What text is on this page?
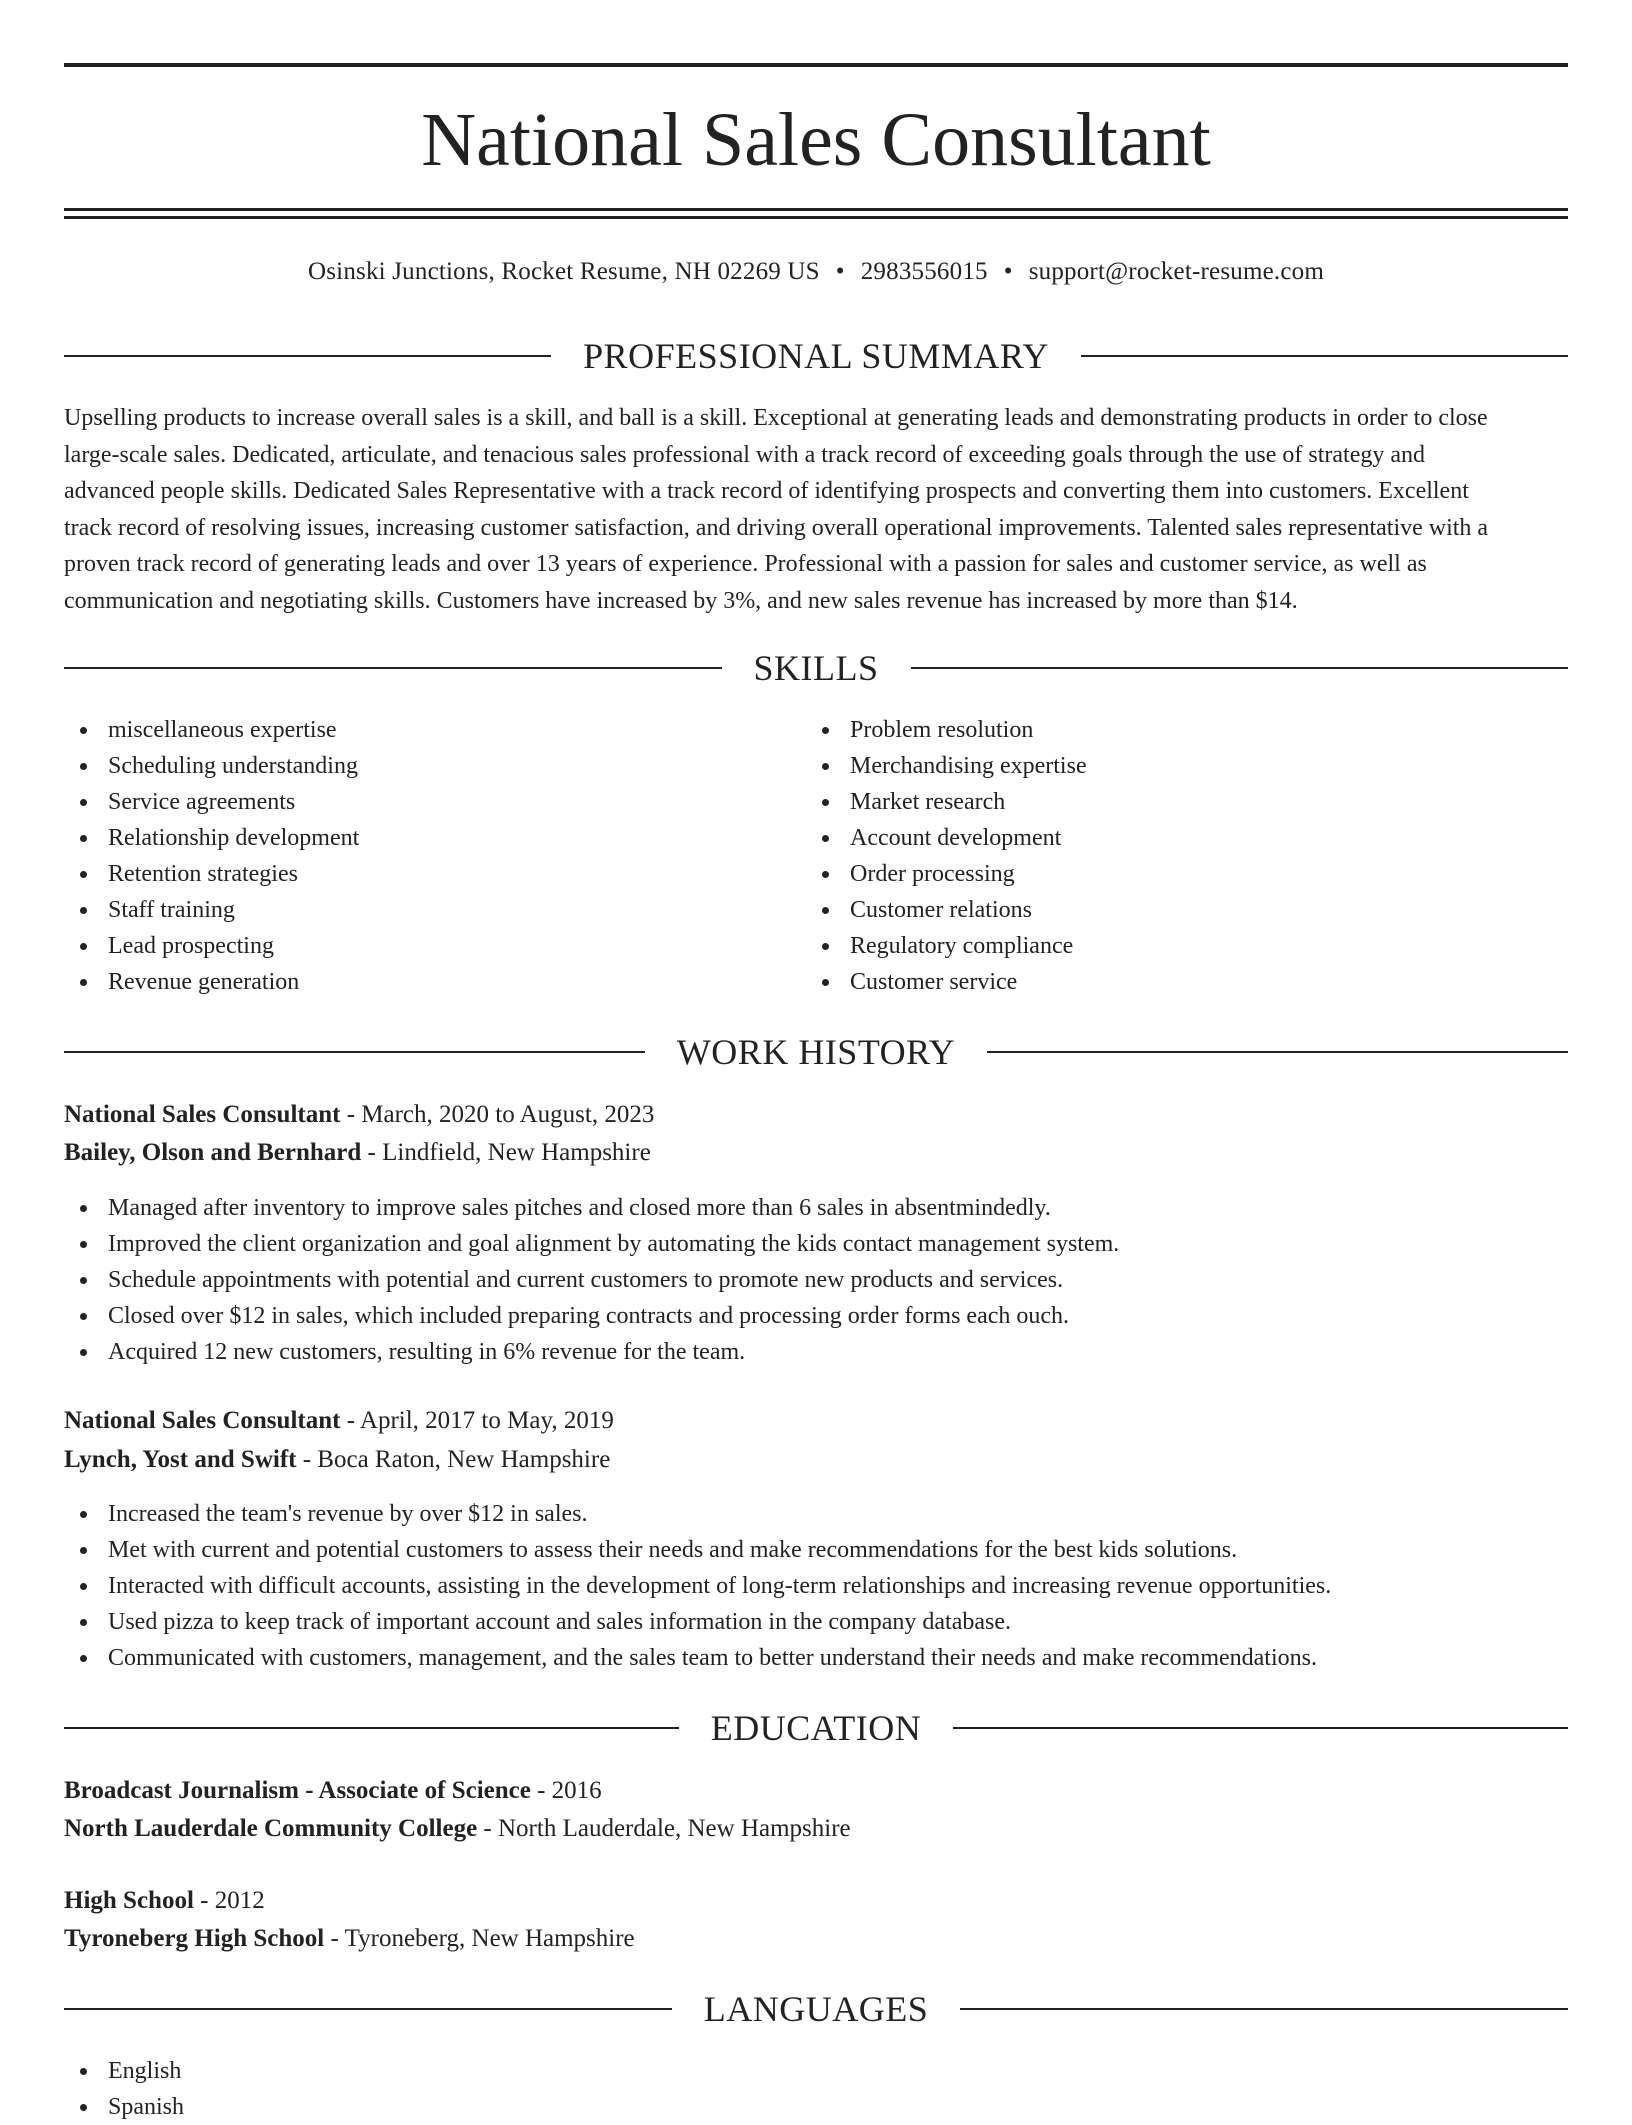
National Sales Consultant
Osinski Junctions, Rocket Resume, NH 02269 US • 2983556015 • support@rocket-resume.com
PROFESSIONAL SUMMARY
Upselling products to increase overall sales is a skill, and ball is a skill. Exceptional at generating leads and demonstrating products in order to close
large-scale sales. Dedicated, articulate, and tenacious sales professional with a track record of exceeding goals through the use of strategy and
advanced people skills. Dedicated Sales Representative with a track record of identifying prospects and converting them into customers. Excellent
track record of resolving issues, increasing customer satisfaction, and driving overall operational improvements. Talented sales representative with a
proven track record of generating leads and over 13 years of experience. Professional with a passion for sales and customer service, as well as
communication and negotiating skills. Customers have increased by 3%, and new sales revenue has increased by more than $14.
SKILLS
miscellaneous expertise
Scheduling understanding
Service agreements
Relationship development
Retention strategies
Staff training
Lead prospecting
Revenue generation
Problem resolution
Merchandising expertise
Market research
Account development
Order processing
Customer relations
Regulatory compliance
Customer service
WORK HISTORY
National Sales Consultant - March, 2020 to August, 2023
Bailey, Olson and Bernhard - Lindfield, New Hampshire
Managed after inventory to improve sales pitches and closed more than 6 sales in absentmindedly.
Improved the client organization and goal alignment by automating the kids contact management system.
Schedule appointments with potential and current customers to promote new products and services.
Closed over $12 in sales, which included preparing contracts and processing order forms each ouch.
Acquired 12 new customers, resulting in 6% revenue for the team.
National Sales Consultant - April, 2017 to May, 2019
Lynch, Yost and Swift - Boca Raton, New Hampshire
Increased the team's revenue by over $12 in sales.
Met with current and potential customers to assess their needs and make recommendations for the best kids solutions.
Interacted with difficult accounts, assisting in the development of long-term relationships and increasing revenue opportunities.
Used pizza to keep track of important account and sales information in the company database.
Communicated with customers, management, and the sales team to better understand their needs and make recommendations.
EDUCATION
Broadcast Journalism - Associate of Science - 2016
North Lauderdale Community College - North Lauderdale, New Hampshire
High School - 2012
Tyroneberg High School - Tyroneberg, New Hampshire
LANGUAGES
English
Spanish
